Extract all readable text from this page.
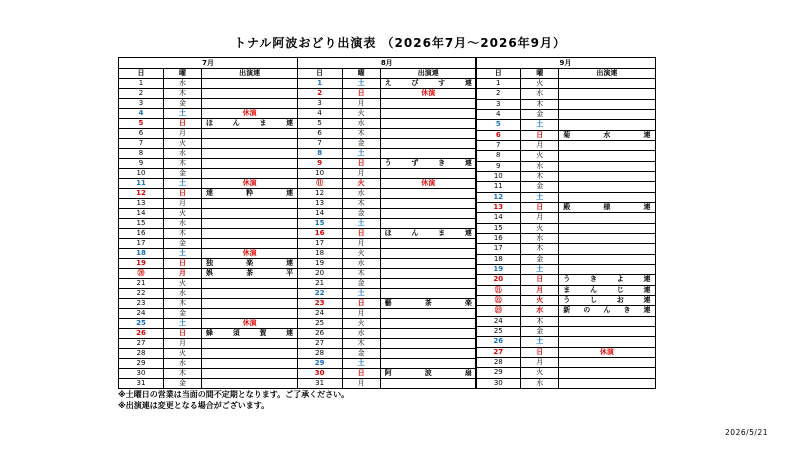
トナル阿波おどり出演表 （2026年7月〜2026年9月）
7月		
日	曜	出演連
1	水	
2	木	
3	金	
4	土	休演
5	日	ほんま連
6	月	
7	火	
8	水	
9	木	
10	金	
11	土	休演
12	日	達粋連
13	月	
14	火	
15	水	
16	木	
17	金	
18	土	休演
19	日	独楽連
⑳	月	娯茶平
21	火	
22	水	
23	木	
24	金	
25	土	休演
26	日	蜂須賀連
27	月	
28	火	
29	水	
30	木	
31	金	
8月		
日	曜	出演連
1	土	えびす連
2	日	休演
3	月	
4	火	
5	水	
6	木	
7	金	
8	土	
9	日	うずき連
10	月	
⑪	火	休演
12	水	
13	木	
14	金	
15	土	
16	日	ほんま連
17	月	
18	火	
19	水	
20	木	
21	金	
22	土	
23	日	藝茶楽
24	月	
25	火	
26	水	
27	木	
28	金	
29	土	
30	日	阿波扇
31	月	
9月		
日	曜	出演連
1	火	
2	水	
3	木	
4	金	
5	土	
6	日	菊水連
7	月	
8	火	
9	水	
10	木	
11	金	
12	土	
13	日	殿様連
14	月	
15	火	
16	水	
17	木	
18	金	
19	土	
20	日	うきよ連
㉑	月	まんじ連
㉒	火	うしお連
㉓	水	新のんき連
24	木	
25	金	
26	土	
27	日	休演
28	月	
29	火	
30	水	
※土曜日の営業は当面の間不定期となります。ご了承ください。
※出演連は変更となる場合がございます。
2026/5/21
